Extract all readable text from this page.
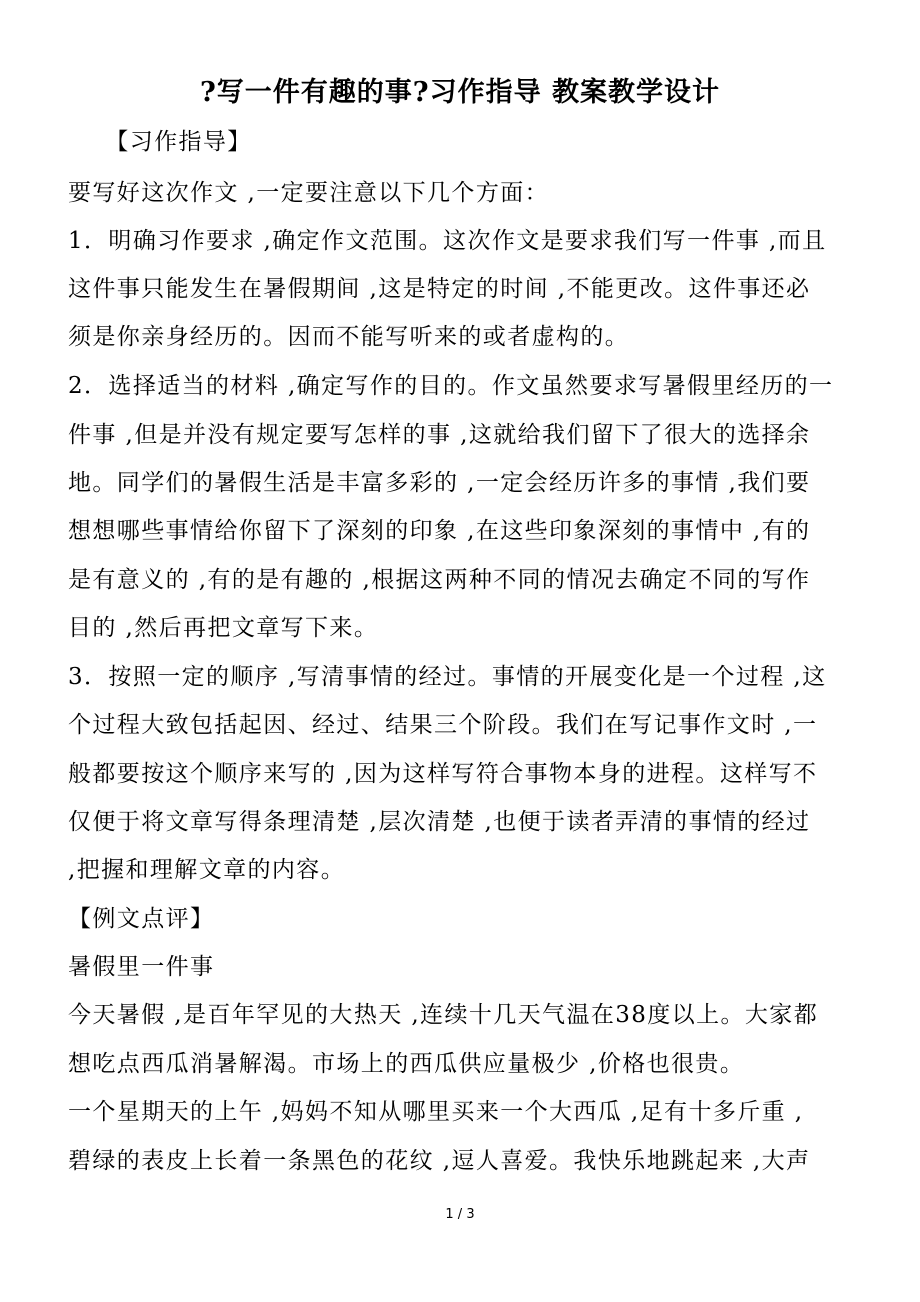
?写一件有趣的事?习作指导 教案教学设计
　　【习作指导】
要写好这次作文 ,一定要注意以下几个方面：
1．明确习作要求 ,确定作文范围。这次作文是要求我们写一件事 ,而且
这件事只能发生在暑假期间 ,这是特定的时间 ,不能更改。这件事还必
须是你亲身经历的。因而不能写听来的或者虚构的。
2．选择适当的材料 ,确定写作的目的。作文虽然要求写暑假里经历的一
件事 ,但是并没有规定要写怎样的事 ,这就给我们留下了很大的选择余
地。同学们的暑假生活是丰富多彩的 ,一定会经历许多的事情 ,我们要
想想哪些事情给你留下了深刻的印象 ,在这些印象深刻的事情中 ,有的
是有意义的 ,有的是有趣的 ,根据这两种不同的情况去确定不同的写作
目的 ,然后再把文章写下来。
3．按照一定的顺序 ,写清事情的经过。事情的开展变化是一个过程 ,这
个过程大致包括起因、经过、结果三个阶段。我们在写记事作文时 ,一
般都要按这个顺序来写的 ,因为这样写符合事物本身的进程。这样写不
仅便于将文章写得条理清楚 ,层次清楚 ,也便于读者弄清的事情的经过
,把握和理解文章的内容。
【例文点评】
暑假里一件事
今天暑假 ,是百年罕见的大热天 ,连续十几天气温在38度以上。大家都
想吃点西瓜消暑解渴。市场上的西瓜供应量极少 ,价格也很贵。
一个星期天的上午 ,妈妈不知从哪里买来一个大西瓜 ,足有十多斤重 ,
碧绿的表皮上长着一条黑色的花纹 ,逗人喜爱。我快乐地跳起来 ,大声
1 / 3
